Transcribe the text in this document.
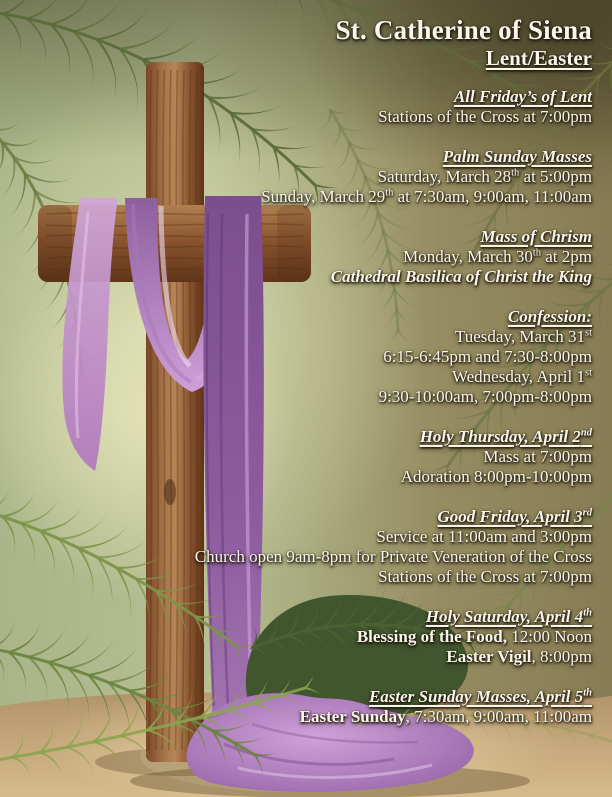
St. Catherine of Siena
Lent/Easter
All Friday’s of Lent
Stations of the Cross at 7:00pm
Palm Sunday Masses
Saturday, March 28th at 5:00pm
Sunday, March 29th at 7:30am, 9:00am, 11:00am
Mass of Chrism
Monday, March 30th at 2pm
Cathedral Basilica of Christ the King
Confession:
Tuesday, March 31st
6:15-6:45pm and 7:30-8:00pm
Wednesday, April 1st
9:30-10:00am, 7:00pm-8:00pm
Holy Thursday, April 2nd
Mass at 7:00pm
Adoration 8:00pm-10:00pm
Good Friday, April 3rd
Service at 11:00am and 3:00pm
Church open 9am-8pm for Private Veneration of the Cross
Stations of the Cross at 7:00pm
Holy Saturday, April 4th
Blessing of the Food, 12:00 Noon
Easter Vigil, 8:00pm
Easter Sunday Masses, April 5th
Easter Sunday, 7:30am, 9:00am, 11:00am
